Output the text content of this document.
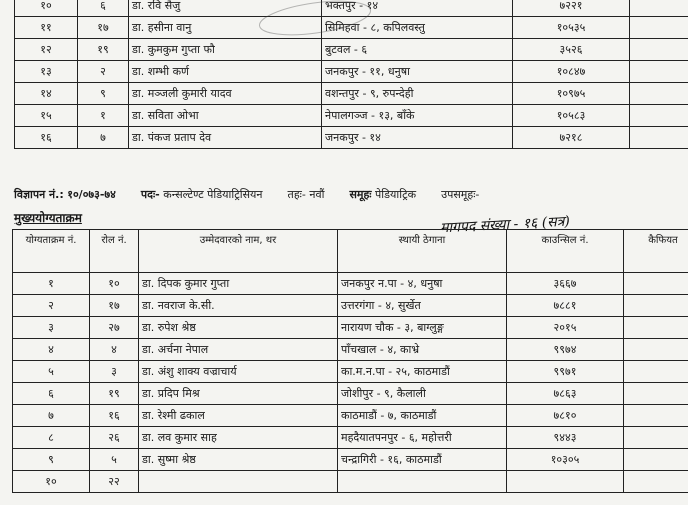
१०	६	डा. रवि सैजु	भक्तपुर - १४	७२२१	
११	१७	डा. हसीना वानु	सिमिहवा - ८, कपिलवस्तु	१०५३५	
१२	१९	डा. कुमकुम गुप्ता फौ	बुटवल - ६	३५२६	
१३	२	डा. शम्भी कर्ण	जनकपुर - ११, धनुषा	१०८४७	
१४	९	डा. मञ्जली कुमारी यादव	वशन्तपुर - ९, रुपन्देही	१०९७५	
१५	१	डा. सविता ओभा	नेपालगञ्ज - १३, बाँके	१०५८३	
१६	७	डा. पंकज प्रताप देव	जनकपुर - १४	७२१८	
विज्ञापन नं.: १०/०७३-७४ पदः- कन्सल्टेण्ट पेडियाट्रिसियन तहः- नवौं समूहः पेडियाट्रिक उपसमूहः-
मुख्ययोग्यताक्रम	मागपद संख्या - १६ (सत्र)
योग्यताक्रम नं.	रोल नं.	उम्मेदवारको नाम, थर	स्थायी ठेगाना	काउन्सिल नं.	कैफियत
१	१०	डा. दिपक कुमार गुप्ता	जनकपुर न.पा - ४, धनुषा	३६६७	
२	१७	डा. नवराज के.सी.	उत्तरगंगा - ४, सुर्खेत	७८८१	
३	२७	डा. रुपेश श्रेष्ठ	नारायण चौक - ३, बाग्लुङ्ग	२०१५	
४	४	डा. अर्चना नेपाल	पाँचखाल - ४, काभ्रे	९९७४	
५	३	डा. अंशु शाक्य वज्राचार्य	का.म.न.पा - २५, काठमाडौं	९९७१	
६	१९	डा. प्रदिप मिश्र	जोशीपुर - ९, कैलाली	७८६३	
७	१६	डा. रेश्मी ढकाल	काठमाडौं - ७, काठमाडौं	७८१०	
८	२६	डा. लव कुमार साह	महदैयातपनपुर - ६, महोत्तरी	९४४३	
९	५	डा. सुष्मा श्रेष्ठ	चन्द्रागिरी - १६, काठमाडौं	१०३०५	
१०	२२				
